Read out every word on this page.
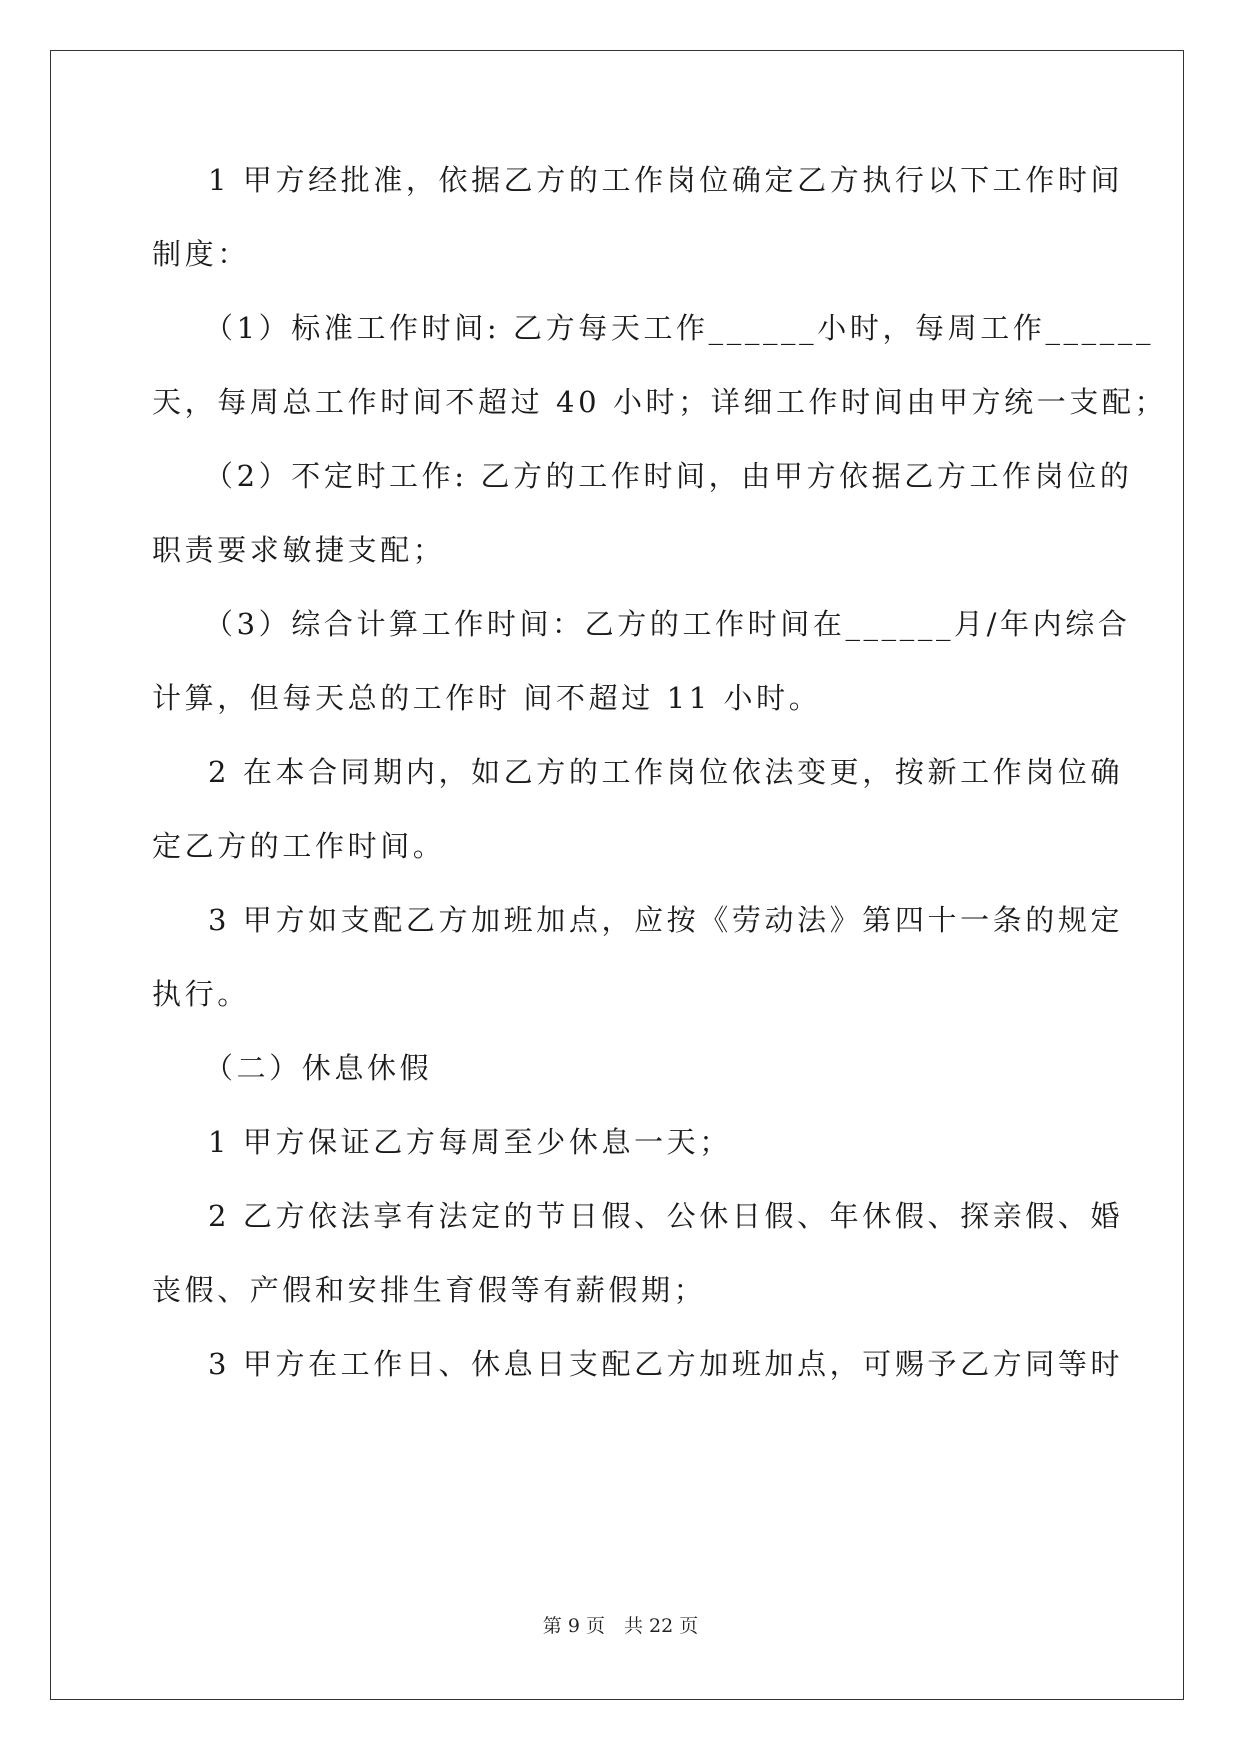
1 甲方经批准，依据乙方的工作岗位确定乙方执行以下工作时间
制度：
（1）标准工作时间: 乙方每天工作______小时，每周工作______
天，每周总工作时间不超过 40 小时；详细工作时间由甲方统一支配；
（2）不定时工作: 乙方的工作时间，由甲方依据乙方工作岗位的
职责要求敏捷支配；
（3）综合计算工作时间：乙方的工作时间在______月/年内综合
计算，但每天总的工作时 间不超过 11 小时。
2 在本合同期内，如乙方的工作岗位依法变更，按新工作岗位确
定乙方的工作时间。
3 甲方如支配乙方加班加点，应按《劳动法》第四十一条的规定
执行。
（二）休息休假
1 甲方保证乙方每周至少休息一天；
2 乙方依法享有法定的节日假、公休日假、年休假、探亲假、婚
丧假、产假和安排生育假等有薪假期；
3 甲方在工作日、休息日支配乙方加班加点，可赐予乙方同等时
第 9 页　共 22 页
